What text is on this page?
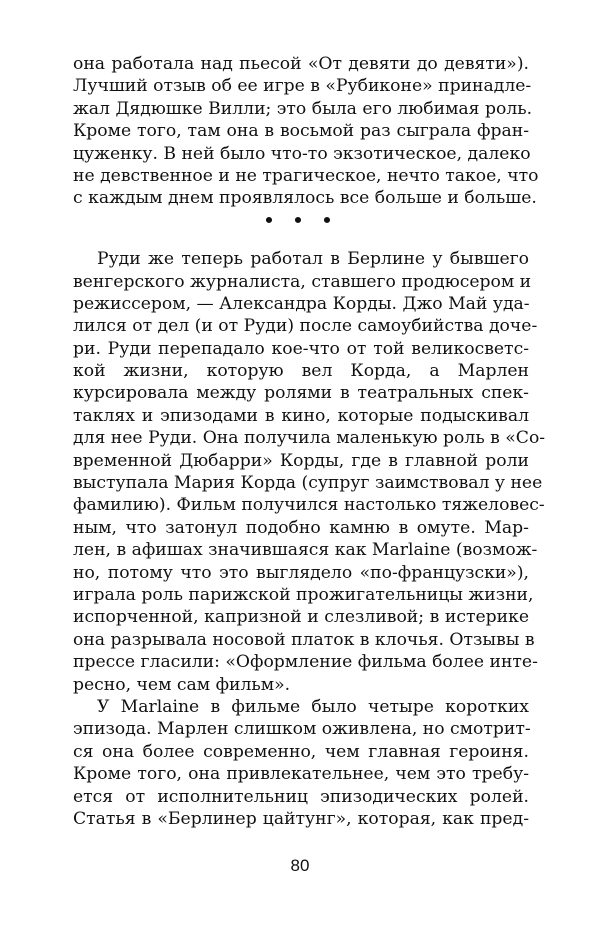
она работала над пьесой «От девяти до девяти»).
Лучший отзыв об ее игре в «Рубиконе» принадле-
жал Дядюшке Вилли; это была его любимая роль.
Кроме того, там она в восьмой раз сыграла фран-
цуженку. В ней было что-то экзотическое, далеко
не девственное и не трагическое, нечто такое, что
с каждым днем проявлялось все больше и больше.
• • •
Руди же теперь работал в Берлине у бывшего
венгерского журналиста, ставшего продюсером и
режиссером, — Александра Корды. Джо Май уда-
лился от дел (и от Руди) после самоубийства доче-
ри. Руди перепадало кое-что от той великосветс-
кой жизни, которую вел Корда, а Марлен
курсировала между ролями в театральных спек-
таклях и эпизодами в кино, которые подыскивал
для нее Руди. Она получила маленькую роль в «Со-
временной Дюбарри» Корды, где в главной роли
выступала Мария Корда (супруг заимствовал у нее
фамилию). Фильм получился настолько тяжеловес-
ным, что затонул подобно камню в омуте. Мар-
лен, в афишах значившаяся как Marlaine (возмож-
но, потому что это выглядело «по-французски»),
играла роль парижской прожигательницы жизни,
испорченной, капризной и слезливой; в истерике
она разрывала носовой платок в клочья. Отзывы в
прессе гласили: «Оформление фильма более инте-
ресно, чем сам фильм».
У Marlaine в фильме было четыре коротких
эпизода. Марлен слишком оживлена, но смотрит-
ся она более современно, чем главная героиня.
Кроме того, она привлекательнее, чем это требу-
ется от исполнительниц эпизодических ролей.
Статья в «Берлинер цайтунг», которая, как пред-
80
